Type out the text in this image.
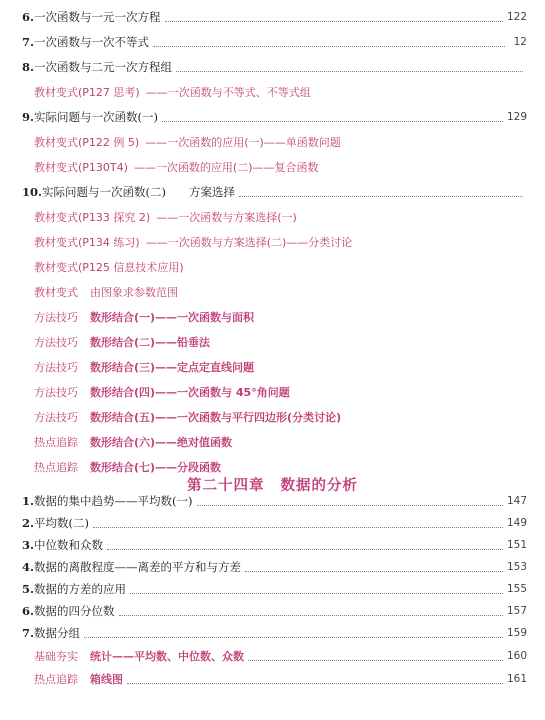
6. 一次函数与一元一次方程	122
7. 一次函数与一次不等式	12
8. 一次函数与二元一次方程组
教材变式 (P127 思考) ——一次函数与不等式、不等式组
9. 实际问题与一次函数(一)	129
教材变式 (P122 例 5) ——一次函数的应用(一)——单函数问题
教材变式 (P130T4) ——一次函数的应用(二)——复合函数
10. 实际问题与一次函数(二)　　方案选择
教材变式 (P133 探究 2) ——一次函数与方案选择(一)
教材变式 (P134 练习) ——一次函数与方案选择(二)——分类讨论
教材变式 (P125 信息技术应用)
教材变式 由图象求参数范围
方法技巧 数形结合(一)——一次函数与面积
方法技巧 数形结合(二)——铅垂法
方法技巧 数形结合(三)——定点定直线问题
方法技巧 数形结合(四)——一次函数与 45°角问题
方法技巧 数形结合(五)——一次函数与平行四边形(分类讨论)
热点追踪 数形结合(六)——绝对值函数
热点追踪 数形结合(七)——分段函数
1. 数据的集中趋势——平均数(一)	147
2. 平均数(二)	149
3. 中位数和众数	151
4. 数据的离散程度——离差的平方和与方差	153
5. 数据的方差的应用	155
6. 数据的四分位数	157
7. 数据分组	159
基础夯实 统计——平均数、中位数、众数	160
热点追踪 箱线图	161
第二十四章 数据的分析
